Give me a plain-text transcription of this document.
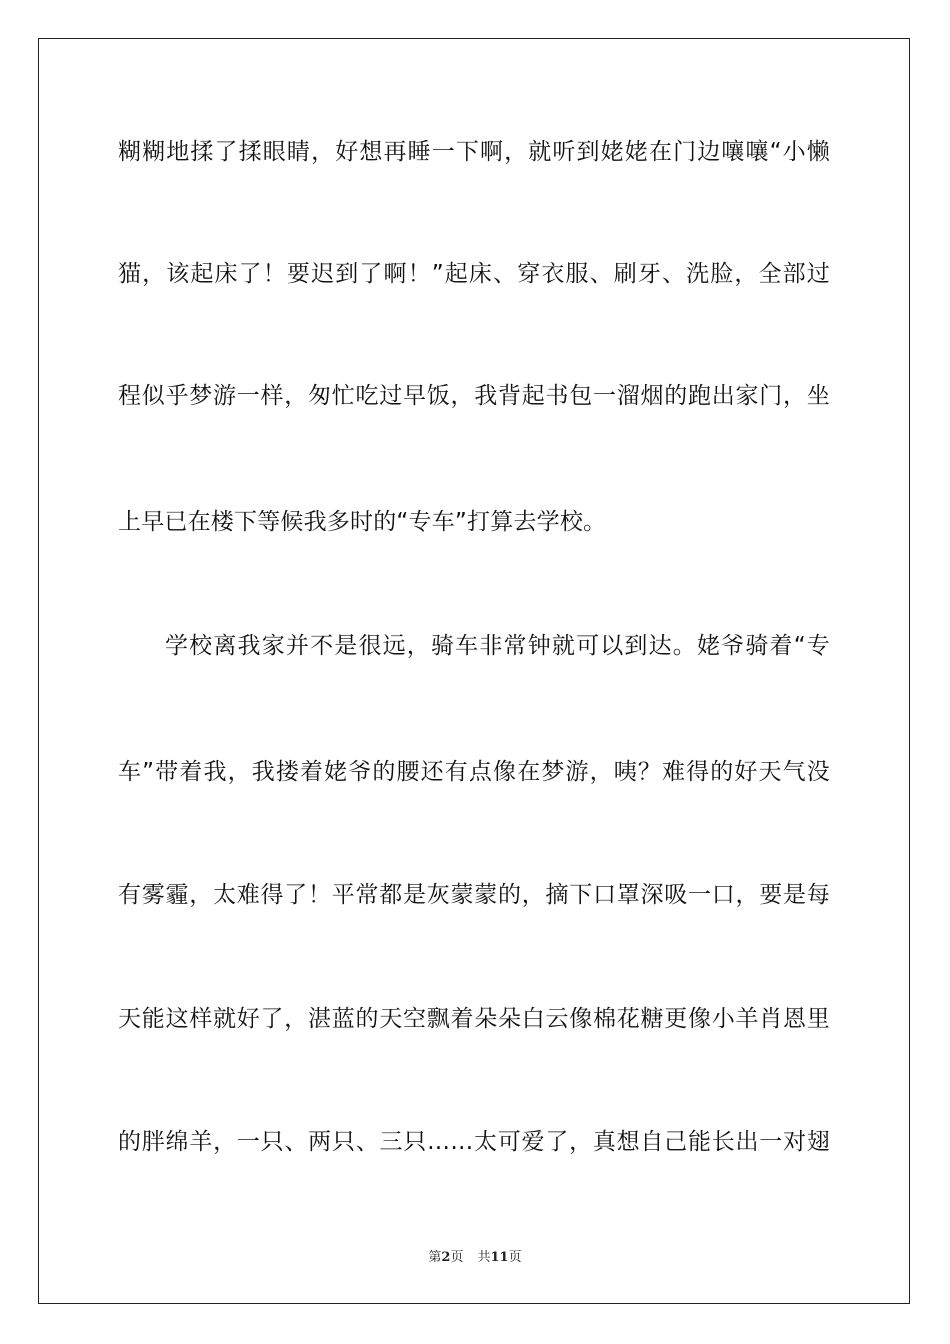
糊糊地揉了揉眼睛，好想再睡一下啊，就听到姥姥在门边嚷嚷“小懒
猫，该起床了！要迟到了啊！”起床、穿衣服、刷牙、洗脸，全部过
程似乎梦游一样，匆忙吃过早饭，我背起书包一溜烟的跑出家门，坐
上早已在楼下等候我多时的“专车”打算去学校。
学校离我家并不是很远，骑车非常钟就可以到达。姥爷骑着“专
车”带着我，我搂着姥爷的腰还有点像在梦游，咦？难得的好天气没
有雾霾，太难得了！平常都是灰蒙蒙的，摘下口罩深吸一口，要是每
天能这样就好了，湛蓝的天空飘着朵朵白云像棉花糖更像小羊肖恩里
的胖绵羊，一只、两只、三只……太可爱了，真想自己能长出一对翅
第2页 共11页
